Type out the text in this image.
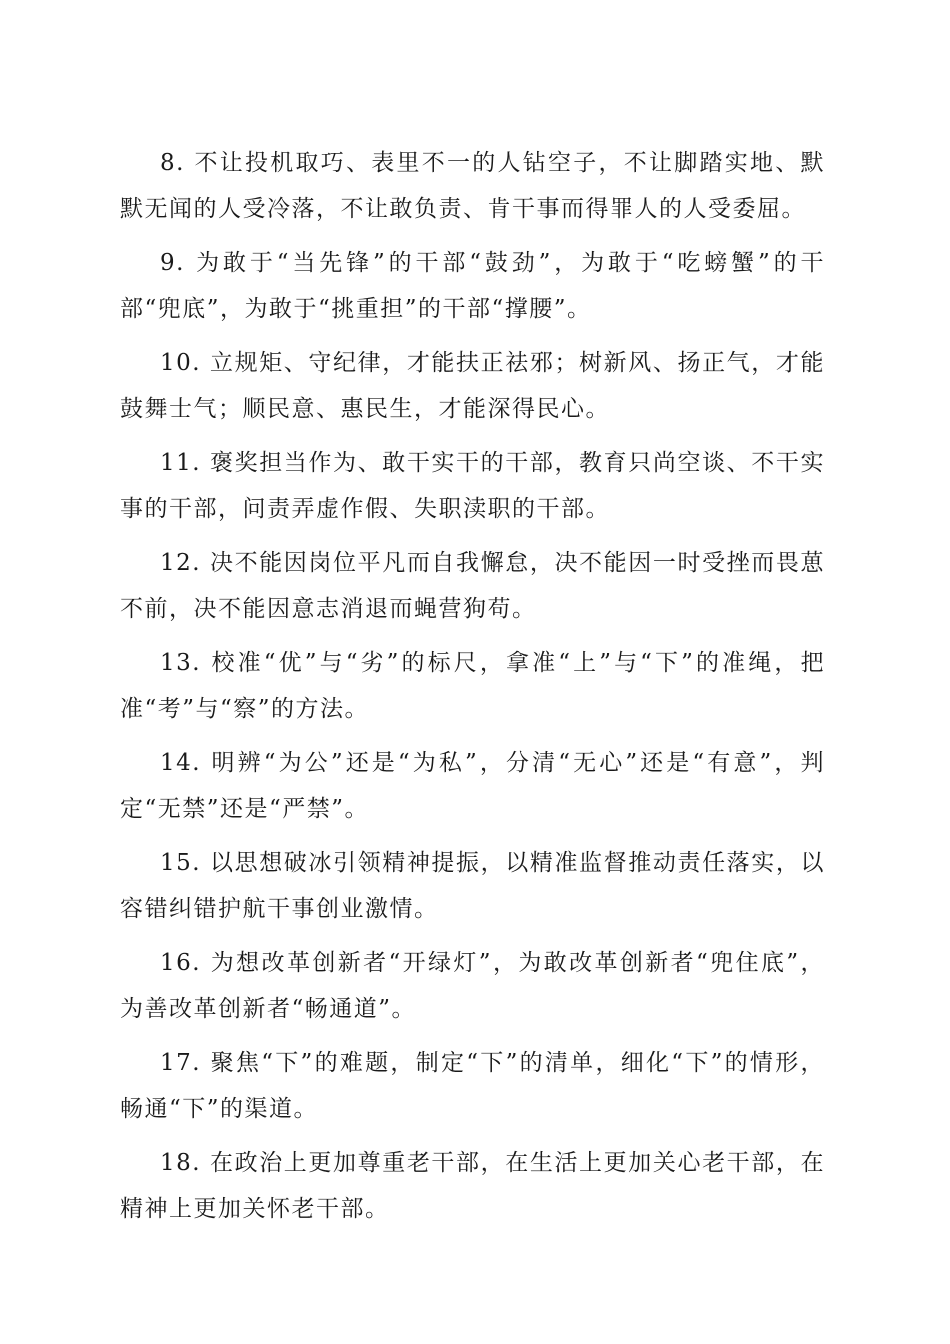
8. 不让投机取巧、表里不一的人钻空子，不让脚踏实地、默默无闻的人受冷落，不让敢负责、肯干事而得罪人的人受委屈。

9. 为敢于“当先锋”的干部“鼓劲”，为敢于“吃螃蟹”的干部“兜底”，为敢于“挑重担”的干部“撑腰”。

10. 立规矩、守纪律，才能扶正祛邪；树新风、扬正气，才能鼓舞士气；顺民意、惠民生，才能深得民心。

11. 褒奖担当作为、敢干实干的干部，教育只尚空谈、不干实事的干部，问责弄虚作假、失职渎职的干部。

12. 决不能因岗位平凡而自我懈怠，决不能因一时受挫而畏葸不前，决不能因意志消退而蝇营狗苟。

13. 校准“优”与“劣”的标尺，拿准“上”与“下”的准绳，把准“考”与“察”的方法。

14. 明辨“为公”还是“为私”，分清“无心”还是“有意”，判定“无禁”还是“严禁”。

15. 以思想破冰引领精神提振，以精准监督推动责任落实，以容错纠错护航干事创业激情。

16. 为想改革创新者“开绿灯”，为敢改革创新者“兜住底”，为善改革创新者“畅通道”。

17. 聚焦“下”的难题，制定“下”的清单，细化“下”的情形，畅通“下”的渠道。

18. 在政治上更加尊重老干部，在生活上更加关心老干部，在精神上更加关怀老干部。
